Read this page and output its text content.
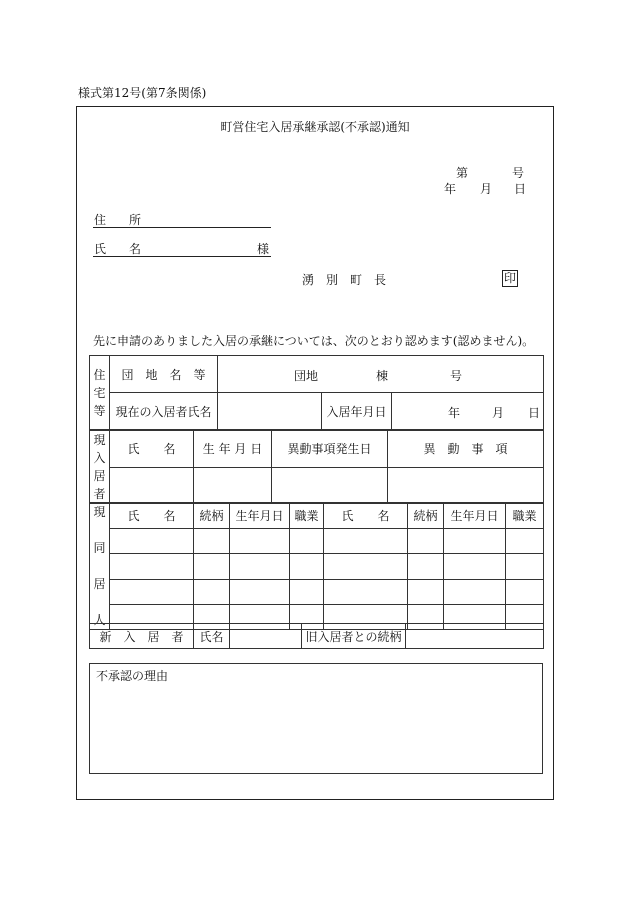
様式第12号(第7条関係)
町営住宅入居承継承認(不承認)通知
第	号
年 月 日
住 所
氏 名	様
湧　別　町　長	印
先に申請のありました入居の承継については、次のとおり認めます(認めません)。
住
宅
等	団　地　名　等	団地 棟 号		

	現在の入居者氏名		入居年月日	年 月 日
現
入
居
者	氏　　名	生 年 月 日	異動事項発生日	異　動　事　項

現

同

居

人	氏　　名	続柄	生年月日	職業	氏　　名	続柄	生年月日	職業

新　入　居　者	氏名		旧入居者との続柄	
不承認の理由
